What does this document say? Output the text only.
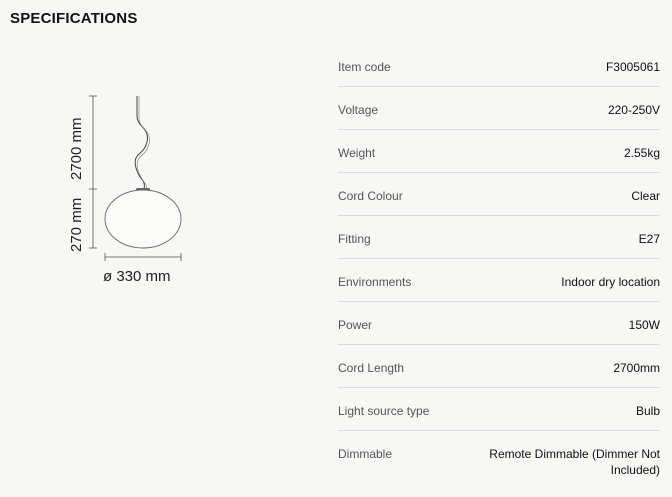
SPECIFICATIONS
2700 mm
270 mm
ø 330 mm
Item code	F3005061
Voltage	220-250V
Weight	2.55kg
Cord Colour	Clear
Fitting	E27
Environments	Indoor dry location
Power	150W
Cord Length	2700mm
Light source type	Bulb
Dimmable	Remote Dimmable (Dimmer Not Included)
